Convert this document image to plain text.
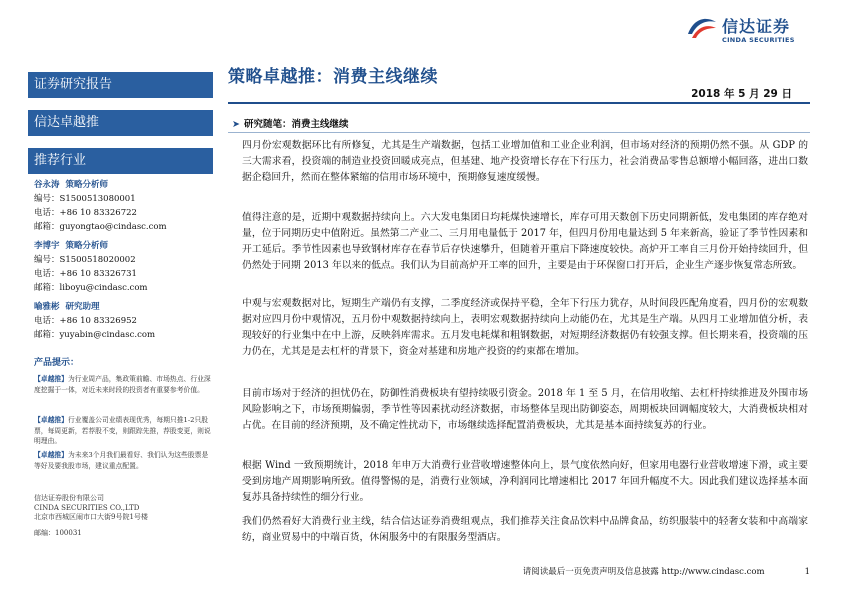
信达证券
CINDA SECURITIES
策略卓越推：消费主线继续
2018 年 5 月 29 日
证券研究报告
信达卓越推
推荐行业
谷永涛 策略分析师
编号：S1500513080001
电话：+86 10 83326722
邮箱：guyongtao@cindasc.com
李博宇 策略分析师
编号：S1500518020002
电话：+86 10 83326731
邮箱：liboyu@cindasc.com
喻雅彬 研究助理
电话：+86 10 83326952
邮箱：yuyabin@cindasc.com
产品提示：
【卓越推】为行业周产品，集政策前瞻、市场热点、行业深度挖掘于一体，对近未来时段的投资者有重要参考价值。
【卓越推】行业覆盖公司业绩表现优秀，每期只推1-2只股票，每周更新，若荐股不变，则跟踪先推，荐股变更，则说明理由。
【卓越推】为未来3个月我们最看好、我们认为这些股票是等好及要我股市场，建议重点配置。
信达证券股份有限公司
CINDA SECURITIES CO.,LTD
北京市西城区闹市口大街9号院1号楼
邮编：100031
➤ 研究随笔：消费主线继续
四月份宏观数据环比有所修复，尤其是生产端数据，包括工业增加值和工业企业利润，但市场对经济的预期仍然不强。从 GDP 的三大需求看，投资端的制造业投资回暖成亮点，但基建、地产投资增长存在下行压力，社会消费品零售总额增小幅回落，进出口数据企稳回升，然而在整体紧缩的信用市场环境中，预期修复速度缓慢。
值得注意的是，近期中观数据持续向上。六大发电集团日均耗煤快速增长，库存可用天数创下历史同期新低，发电集团的库存绝对量，位于同期历史中值附近。虽然第二产业二、三月用电量低于 2017 年，但四月份用电量达到 5 年来新高，验证了季节性因素和开工延后。季节性因素也导致钢材库存在春节后存快速攀升，但随着开重启下降速度较快。高炉开工率自三月份开始持续回升，但仍然处于同期 2013 年以来的低点。我们认为目前高炉开工率的回升，主要是由于环保窗口打开后，企业生产逐步恢复常态所致。
中观与宏观数据对比，短期生产端仍有支撑，二季度经济或保持平稳，全年下行压力犹存，从时间段匹配角度看，四月份的宏观数据对应四月份中观情况，五月份中观数据持续向上，表明宏观数据持续向上动能仍在，尤其是生产端。从四月工业增加值分析，表现较好的行业集中在中上游，反映斜库需求。五月发电耗煤和粗钢数据，对短期经济数据仍有较强支撑。但长期来看，投资端的压力仍在，尤其是是去杠杆的背景下，资金对基建和房地产投资的约束都在增加。
目前市场对于经济的担忧仍在，防御性消费板块有望持续吸引资金。2018 年 1 至 5 月，在信用收缩、去杠杆持续推进及外围市场风险影响之下，市场预期偏弱，季节性等因素扰动经济数据，市场整体呈现出防御姿态，周期板块回调幅度较大，大消费板块相对占优。在目前的经济预期，及不确定性扰动下，市场继续选择配置消费板块，尤其是基本面持续复苏的行业。
根据 Wind 一致预期统计，2018 年申万大消费行业营收增速整体向上，景气度依然向好，但家用电器行业营收增速下滑，或主要受到房地产周期影响所致。值得警惕的是，消费行业领域，净利润同比增速相比 2017 年回升幅度不大。因此我们建议选择基本面复苏具备持续性的细分行业。
我们仍然看好大消费行业主线，结合信达证券消费组观点，我们推荐关注食品饮料中品牌食品，纺织服装中的轻奢女装和中高端家纺，商业贸易中的中端百货，休闲服务中的有限服务型酒店。
请阅读最后一页免责声明及信息披露 http://www.cindasc.com	1
